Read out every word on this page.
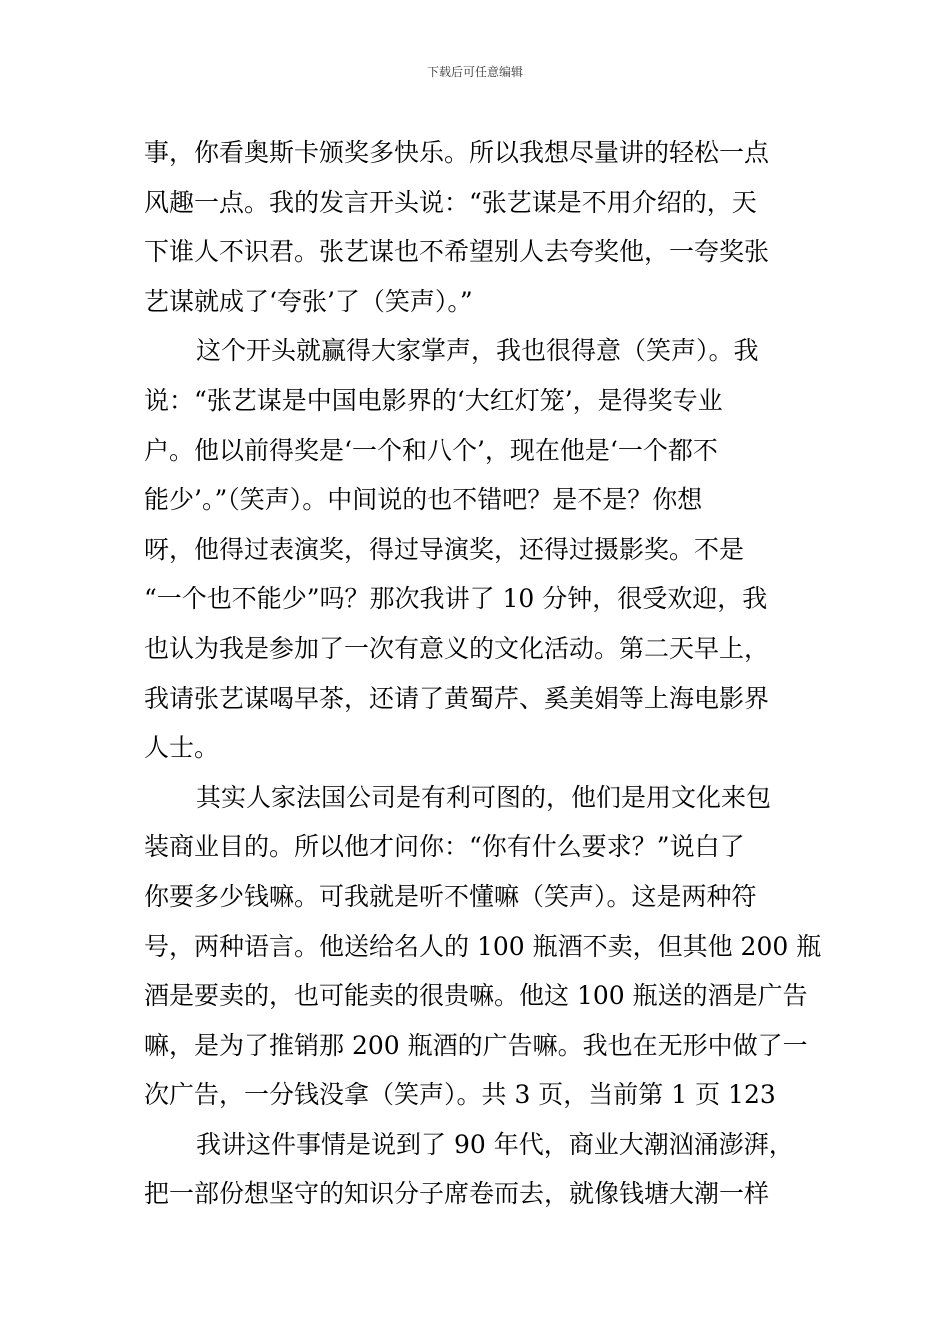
下载后可任意编辑
事，你看奥斯卡颁奖多快乐。所以我想尽量讲的轻松一点
风趣一点。我的发言开头说：“张艺谋是不用介绍的，天
下谁人不识君。张艺谋也不希望别人去夸奖他，一夸奖张
艺谋就成了‘夸张’了（笑声）。”
这个开头就赢得大家掌声，我也很得意（笑声）。我
说：“张艺谋是中国电影界的‘大红灯笼’，是得奖专业
户。他以前得奖是‘一个和八个’，现在他是‘一个都不
能少’。”（笑声）。中间说的也不错吧？是不是？你想
呀，他得过表演奖，得过导演奖，还得过摄影奖。不是
“一个也不能少”吗？那次我讲了 10 分钟，很受欢迎，我
也认为我是参加了一次有意义的文化活动。第二天早上，
我请张艺谋喝早茶，还请了黄蜀芹、奚美娟等上海电影界
人士。
其实人家法国公司是有利可图的，他们是用文化来包
装商业目的。所以他才问你：“你有什么要求？”说白了
你要多少钱嘛。可我就是听不懂嘛（笑声）。这是两种符
号，两种语言。他送给名人的 100 瓶酒不卖，但其他 200 瓶
酒是要卖的，也可能卖的很贵嘛。他这 100 瓶送的酒是广告
嘛，是为了推销那 200 瓶酒的广告嘛。我也在无形中做了一
次广告，一分钱没拿（笑声）。共 3 页，当前第 1 页 123
我讲这件事情是说到了 90 年代，商业大潮汹涌澎湃，
把一部份想坚守的知识分子席卷而去，就像钱塘大潮一样
